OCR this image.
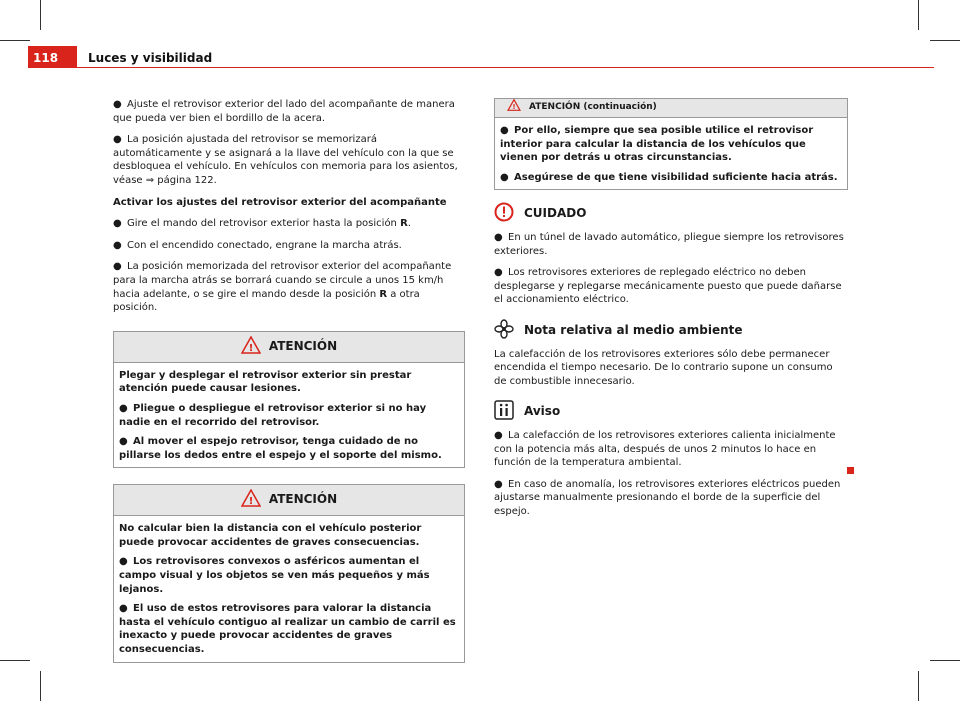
118 Luces y visibilidad

● Ajuste el retrovisor exterior del lado del acompañante de manera que pueda ver bien el bordillo de la acera.

● La posición ajustada del retrovisor se memorizará automáticamente y se asignará a la llave del vehículo con la que se desbloquea el vehículo. En vehículos con memoria para los asientos, véase ⇒ página 122.

Activar los ajustes del retrovisor exterior del acompañante

● Gire el mando del retrovisor exterior hasta la posición R.

● Con el encendido conectado, engrane la marcha atrás.

● La posición memorizada del retrovisor exterior del acompañante para la marcha atrás se borrará cuando se circule a unos 15 km/h hacia adelante, o se gire el mando desde la posición R a otra posición.

! ATENCIÓN

Plegar y desplegar el retrovisor exterior sin prestar atención puede causar lesiones.

● Pliegue o despliegue el retrovisor exterior si no hay nadie en el recorrido del retrovisor.

● Al mover el espejo retrovisor, tenga cuidado de no pillarse los dedos entre el espejo y el soporte del mismo.

! ATENCIÓN

No calcular bien la distancia con el vehículo posterior puede provocar accidentes de graves consecuencias.

● Los retrovisores convexos o asféricos aumentan el campo visual y los objetos se ven más pequeños y más lejanos.

● El uso de estos retrovisores para valorar la distancia hasta el vehículo contiguo al realizar un cambio de carril es inexacto y puede provocar accidentes de graves consecuencias.

! ATENCIÓN (continuación)

● Por ello, siempre que sea posible utilice el retrovisor interior para calcular la distancia de los vehículos que vienen por detrás u otras circunstancias.

● Asegúrese de que tiene visibilidad suficiente hacia atrás.

CUIDADO

● En un túnel de lavado automático, pliegue siempre los retrovisores exteriores.

● Los retrovisores exteriores de replegado eléctrico no deben desplegarse y replegarse mecánicamente puesto que puede dañarse el accionamiento eléctrico.

Nota relativa al medio ambiente

La calefacción de los retrovisores exteriores sólo debe permanecer encendida el tiempo necesario. De lo contrario supone un consumo de combustible innecesario.

Aviso

● La calefacción de los retrovisores exteriores calienta inicialmente con la potencia más alta, después de unos 2 minutos lo hace en función de la temperatura ambiental.

● En caso de anomalía, los retrovisores exteriores eléctricos pueden ajustarse manualmente presionando el borde de la superficie del espejo.
